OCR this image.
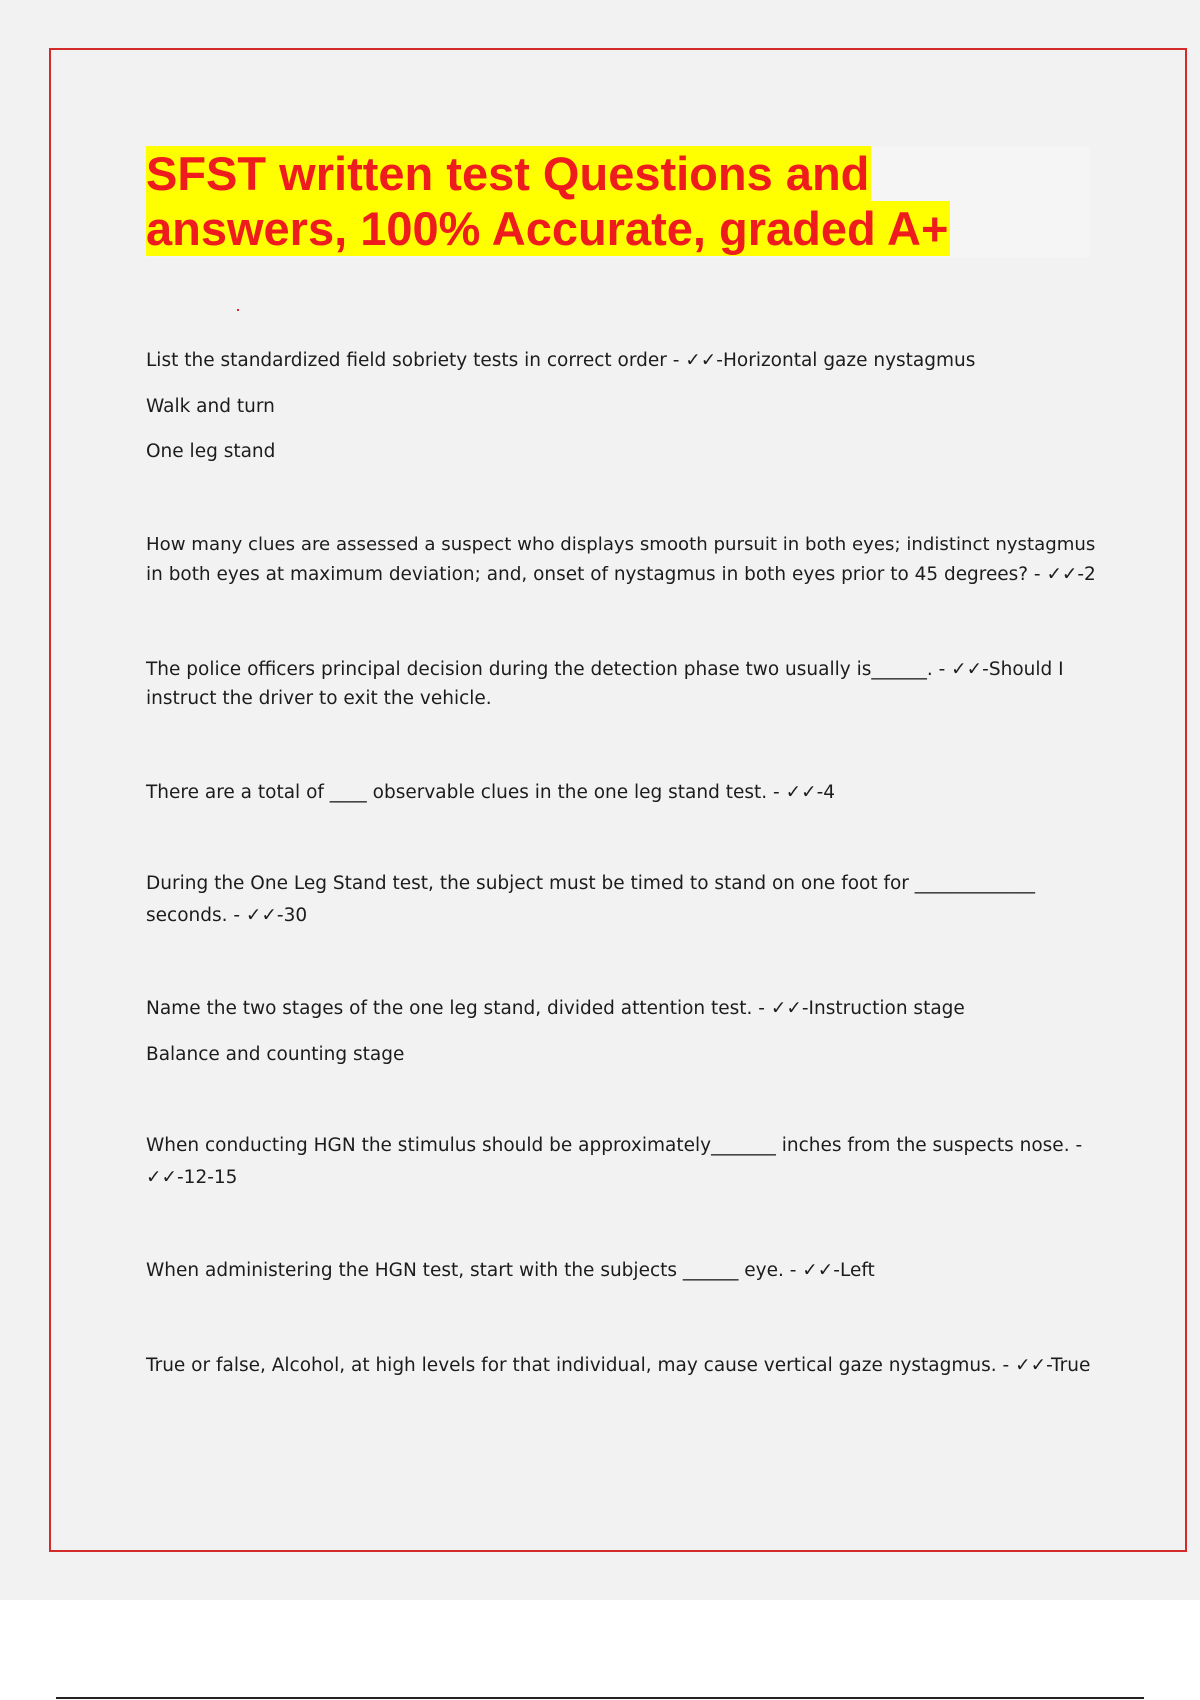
SFST written test Questions and
answers, 100% Accurate, graded A+

List the standardized field sobriety tests in correct order - ✓✓-Horizontal gaze nystagmus

Walk and turn

One leg stand

How many clues are assessed a suspect who displays smooth pursuit in both eyes; indistinct nystagmus

in both eyes at maximum deviation; and, onset of nystagmus in both eyes prior to 45 degrees? - ✓✓-2

The police officers principal decision during the detection phase two usually is______. - ✓✓-Should I

instruct the driver to exit the vehicle.

There are a total of ____ observable clues in the one leg stand test. - ✓✓-4

During the One Leg Stand test, the subject must be timed to stand on one foot for _____________

seconds. - ✓✓-30

Name the two stages of the one leg stand, divided attention test. - ✓✓-Instruction stage

Balance and counting stage

When conducting HGN the stimulus should be approximately_______ inches from the suspects nose. -

✓✓-12-15

When administering the HGN test, start with the subjects ______ eye. - ✓✓-Left

True or false, Alcohol, at high levels for that individual, may cause vertical gaze nystagmus. - ✓✓-True
